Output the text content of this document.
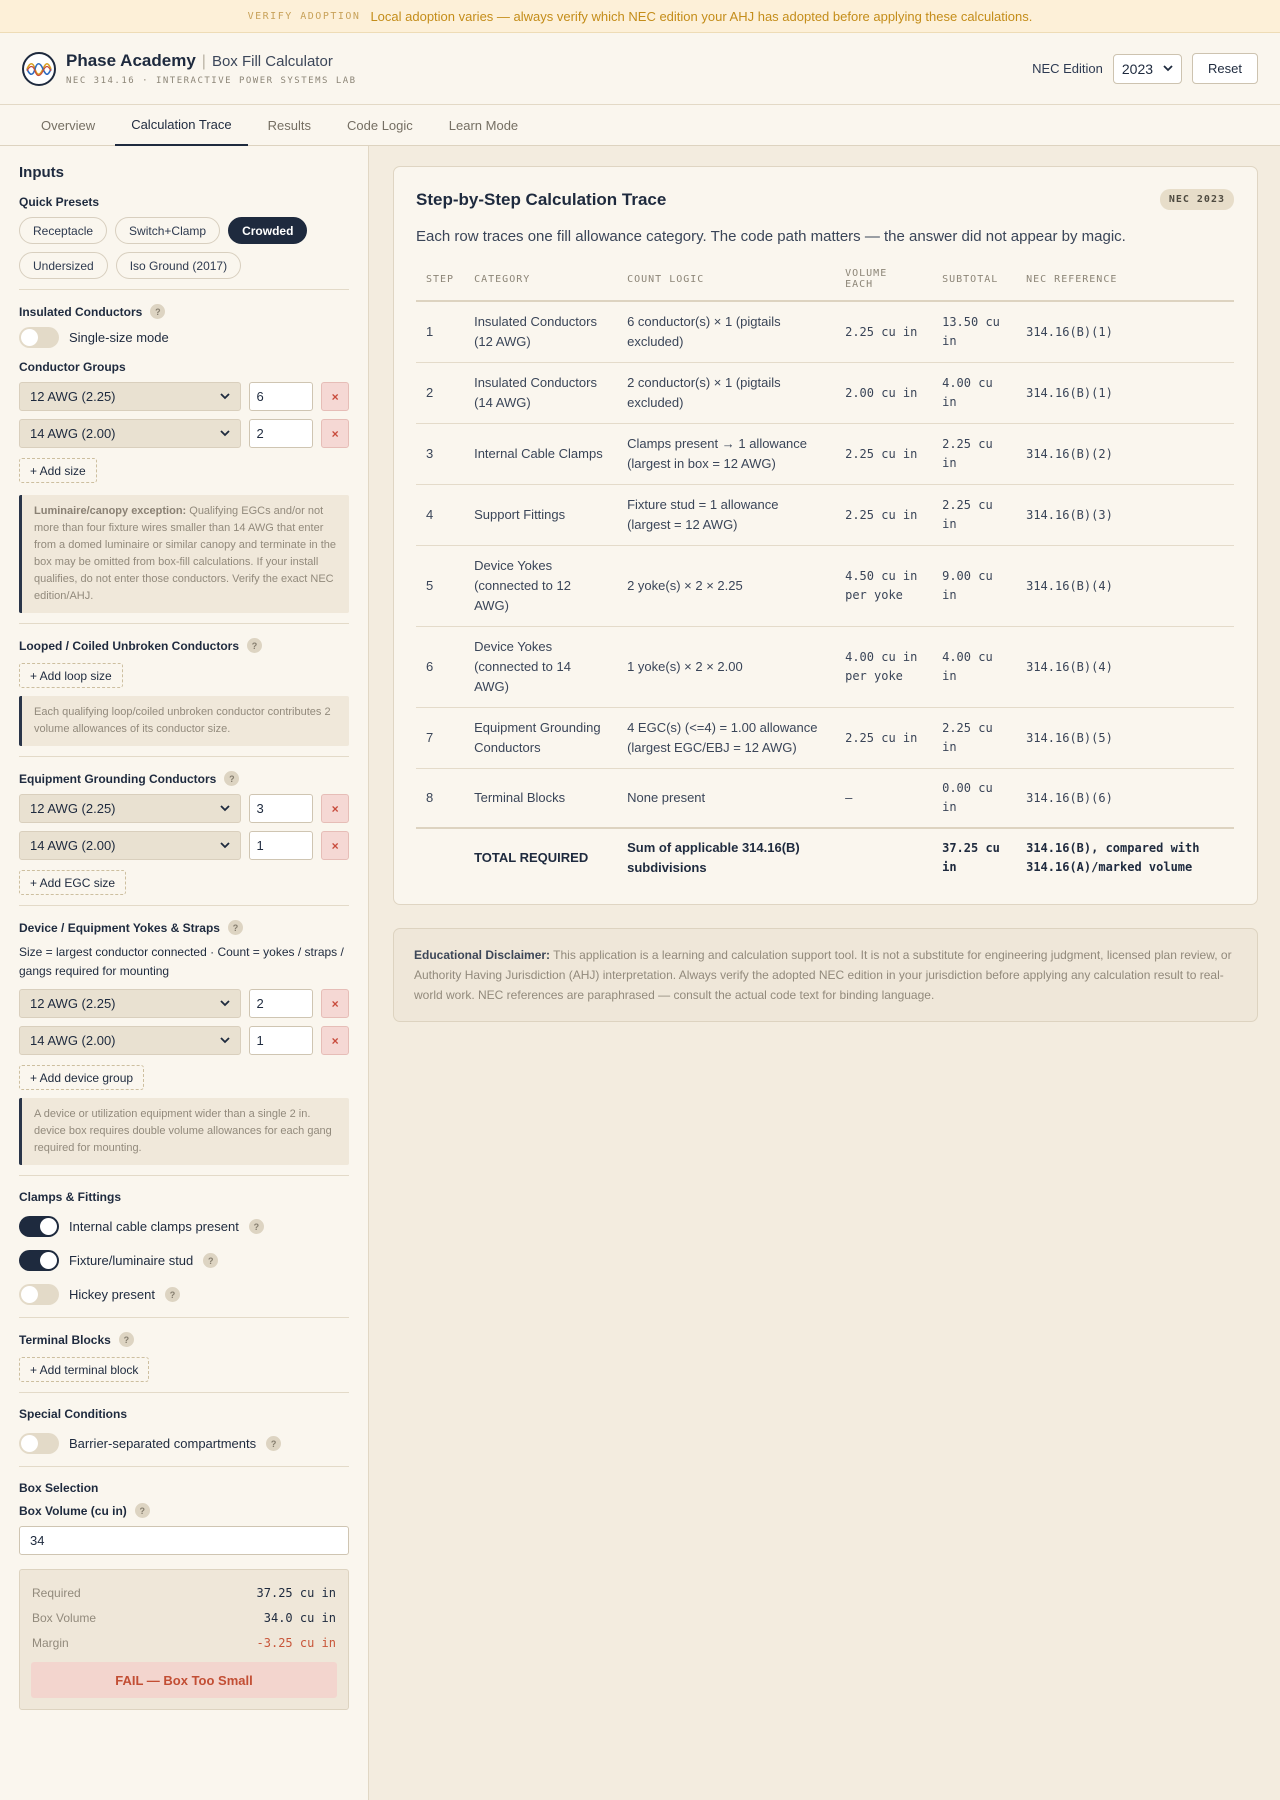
VERIFY ADOPTION Local adoption varies — always verify which NEC edition your AHJ has adopted before applying these calculations.
Phase Academy | Box Fill Calculator
NEC 314.16 · INTERACTIVE POWER SYSTEMS LAB
NEC Edition 2023	Reset
Overview	Calculation Trace	Results	Code Logic	Learn Mode
Inputs
Quick Presets
Receptacle	Switch+Clamp	Crowded
Undersized	Iso Ground (2017)
Insulated Conductors	?
Single-size mode
Conductor Groups
12 AWG (2.25)	6	×
14 AWG (2.00)	2	×
+ Add size
Luminaire/canopy exception: Qualifying EGCs and/or not more than four fixture wires smaller than 14 AWG that enter from a domed luminaire or similar canopy and terminate in the box may be omitted from box-fill calculations. If your install qualifies, do not enter those conductors. Verify the exact NEC edition/AHJ.
Looped / Coiled Unbroken Conductors	?
+ Add loop size
Each qualifying loop/coiled unbroken conductor contributes 2 volume allowances of its conductor size.
Equipment Grounding Conductors	?
12 AWG (2.25)	3	×
14 AWG (2.00)	1	×
+ Add EGC size
Device / Equipment Yokes & Straps	?
Size = largest conductor connected · Count = yokes / straps / gangs required for mounting
12 AWG (2.25)	2	×
14 AWG (2.00)	1	×
+ Add device group
A device or utilization equipment wider than a single 2 in. device box requires double volume allowances for each gang required for mounting.
Clamps & Fittings
Internal cable clamps present	?
Fixture/luminaire stud	?
Hickey present	?
Terminal Blocks	?
+ Add terminal block
Special Conditions
Barrier-separated compartments	?
Box Selection
Box Volume (cu in)	?
34
Required	37.25 cu in
Box Volume	34.0 cu in
Margin	-3.25 cu in
FAIL — Box Too Small
Step-by-Step Calculation Trace	NEC 2023
Each row traces one fill allowance category. The code path matters — the answer did not appear by magic.
STEP	CATEGORY	COUNT LOGIC	VOLUME EACH	SUBTOTAL	NEC REFERENCE
1	Insulated Conductors (12 AWG)	6 conductor(s) × 1 (pigtails excluded)	2.25 cu in	13.50 cu in	314.16(B)(1)
2	Insulated Conductors (14 AWG)	2 conductor(s) × 1 (pigtails excluded)	2.00 cu in	4.00 cu in	314.16(B)(1)
3	Internal Cable Clamps	Clamps present → 1 allowance (largest in box = 12 AWG)	2.25 cu in	2.25 cu in	314.16(B)(2)
4	Support Fittings	Fixture stud = 1 allowance (largest = 12 AWG)	2.25 cu in	2.25 cu in	314.16(B)(3)
5	Device Yokes (connected to 12 AWG)	2 yoke(s) × 2 × 2.25	4.50 cu in per yoke	9.00 cu in	314.16(B)(4)
6	Device Yokes (connected to 14 AWG)	1 yoke(s) × 2 × 2.00	4.00 cu in per yoke	4.00 cu in	314.16(B)(4)
7	Equipment Grounding Conductors	4 EGC(s) (<=4) = 1.00 allowance (largest EGC/EBJ = 12 AWG)	2.25 cu in	2.25 cu in	314.16(B)(5)
8	Terminal Blocks	None present	—	0.00 cu in	314.16(B)(6)
	TOTAL REQUIRED	Sum of applicable 314.16(B) subdivisions		37.25 cu in	314.16(B), compared with 314.16(A)/marked volume
Educational Disclaimer: This application is a learning and calculation support tool. It is not a substitute for engineering judgment, licensed plan review, or Authority Having Jurisdiction (AHJ) interpretation. Always verify the adopted NEC edition in your jurisdiction before applying any calculation result to real-world work. NEC references are paraphrased — consult the actual code text for binding language.
